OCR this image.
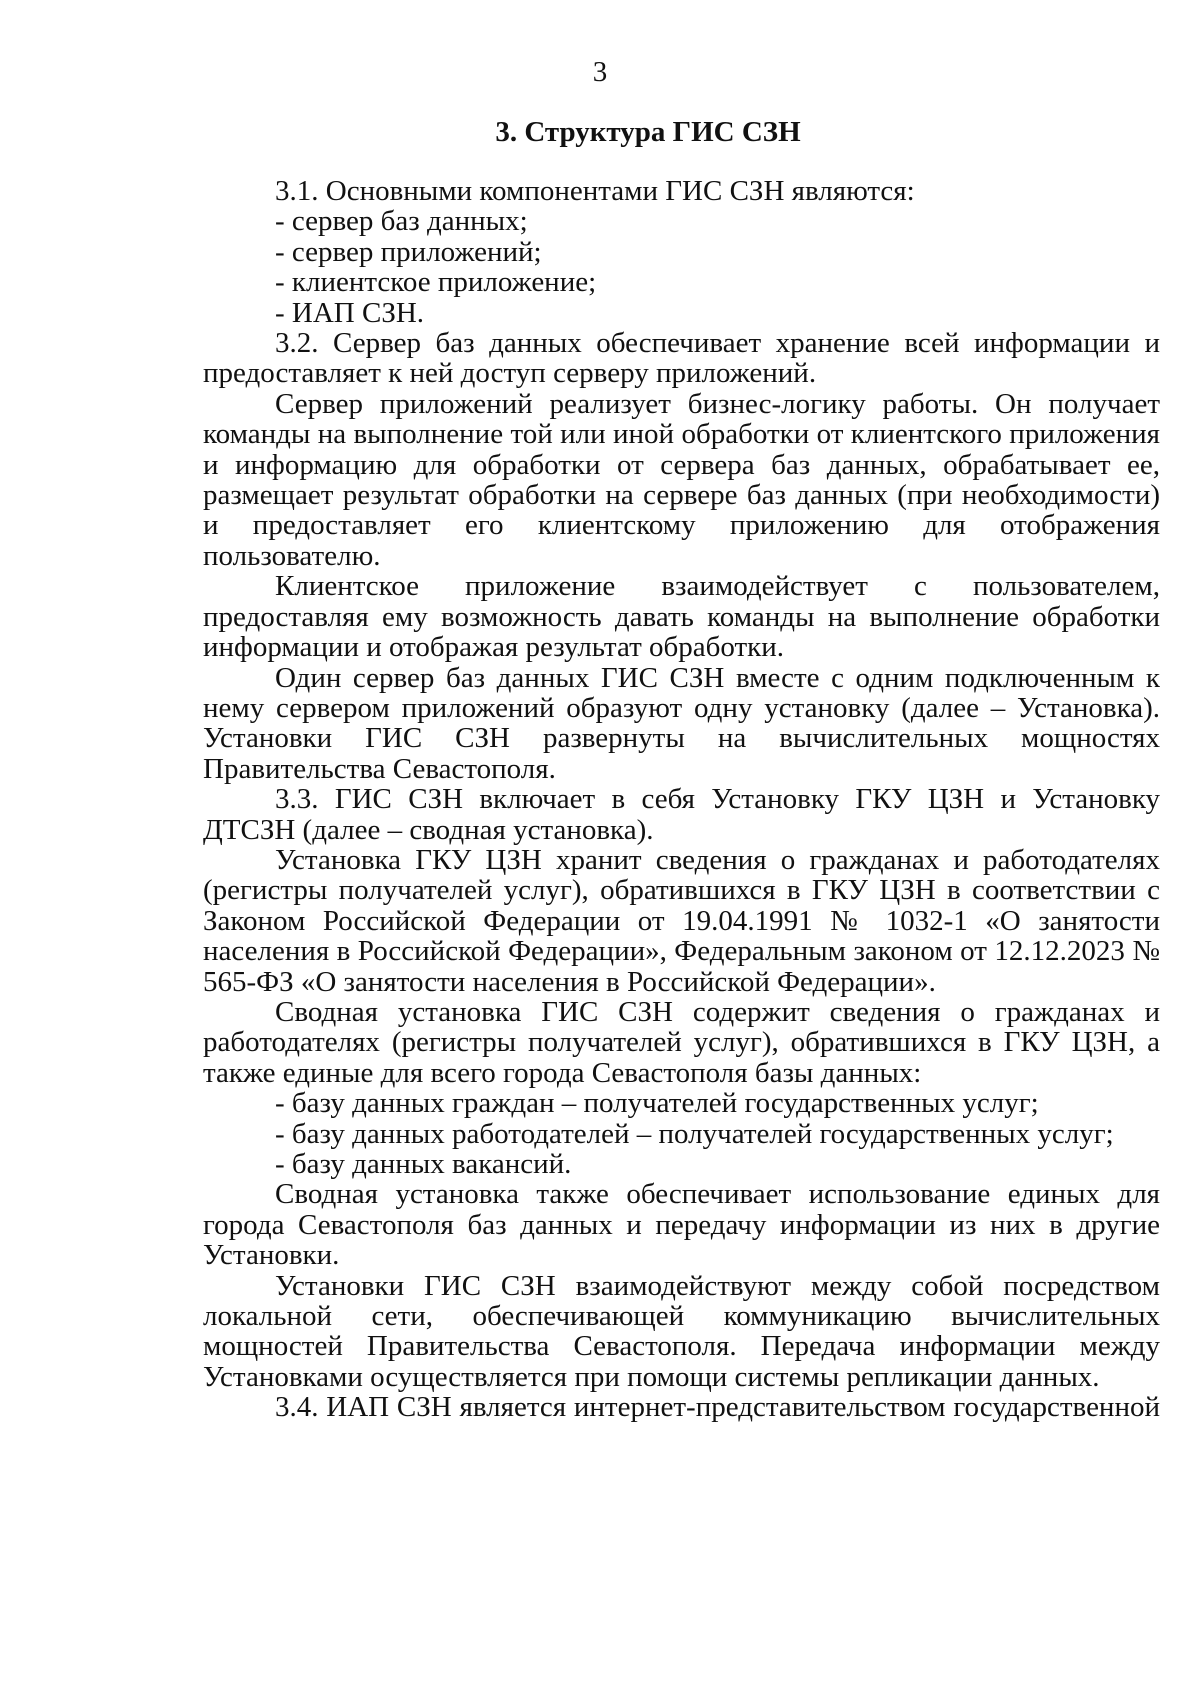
3
3. Структура ГИС СЗН

3.1. Основными компонентами ГИС СЗН являются:

- сервер баз данных;

- сервер приложений;

- клиентское приложение;

- ИАП СЗН.

3.2. Сервер баз данных обеспечивает хранение всей информации и предоставляет к ней доступ серверу приложений.

Сервер приложений реализует бизнес-логику работы. Он получает команды на выполнение той или иной обработки от клиентского приложения и информацию для обработки от сервера баз данных, обрабатывает ее, размещает результат обработки на сервере баз данных (при необходимости) и предоставляет его клиентскому приложению для отображения пользователю.

Клиентское приложение взаимодействует с пользователем, предоставляя ему возможность давать команды на выполнение обработки информации и отображая результат обработки.

Один сервер баз данных ГИС СЗН вместе с одним подключенным к нему сервером приложений образуют одну установку (далее – Установка). Установки ГИС СЗН развернуты на вычислительных мощностях Правительства Севастополя.

3.3. ГИС СЗН включает в себя Установку ГКУ ЦЗН и Установку ДТСЗН (далее – сводная установка).

Установка ГКУ ЦЗН хранит сведения о гражданах и работодателях (регистры получателей услуг), обратившихся в ГКУ ЦЗН в соответствии с Законом Российской Федерации от 19.04.1991 № 1032-1 «О занятости населения в Российской Федерации», Федеральным законом от 12.12.2023 № 565-ФЗ «О занятости населения в Российской Федерации».

Сводная установка ГИС СЗН содержит сведения о гражданах и работодателях (регистры получателей услуг), обратившихся в ГКУ ЦЗН, а также единые для всего города Севастополя базы данных:

- базу данных граждан – получателей государственных услуг;

- базу данных работодателей – получателей государственных услуг;

- базу данных вакансий.

Сводная установка также обеспечивает использование единых для города Севастополя баз данных и передачу информации из них в другие Установки.

Установки ГИС СЗН взаимодействуют между собой посредством локальной сети, обеспечивающей коммуникацию вычислительных мощностей Правительства Севастополя. Передача информации между Установками осуществляется при помощи системы репликации данных.

3.4. ИАП СЗН является интернет-представительством государственной
